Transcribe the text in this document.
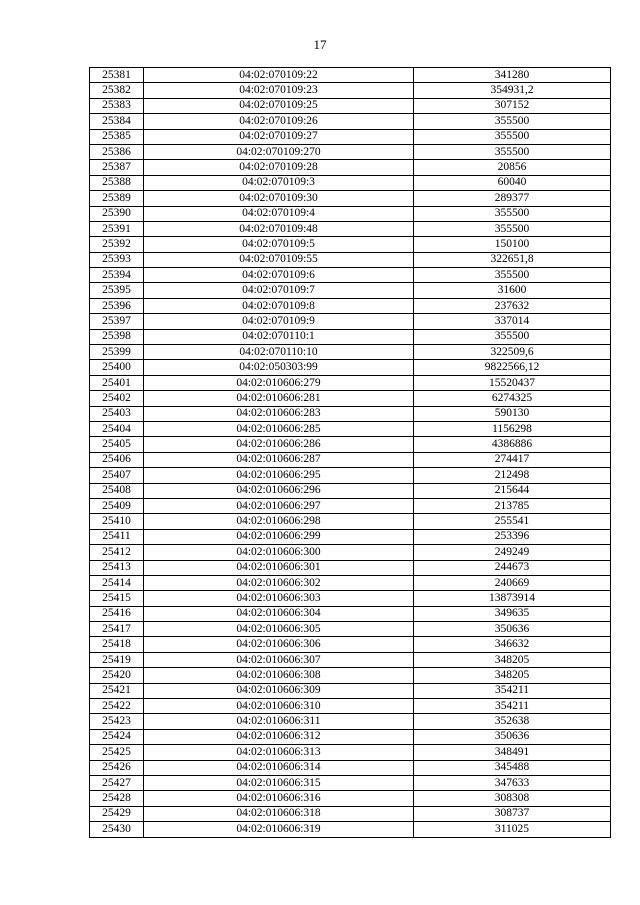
17
25381	04:02:070109:22	341280
25382	04:02:070109:23	354931,2
25383	04:02:070109:25	307152
25384	04:02:070109:26	355500
25385	04:02:070109:27	355500
25386	04:02:070109:270	355500
25387	04:02:070109:28	20856
25388	04:02:070109:3	60040
25389	04:02:070109:30	289377
25390	04:02:070109:4	355500
25391	04:02:070109:48	355500
25392	04:02:070109:5	150100
25393	04:02:070109:55	322651,8
25394	04:02:070109:6	355500
25395	04:02:070109:7	31600
25396	04:02:070109:8	237632
25397	04:02:070109:9	337014
25398	04:02:070110:1	355500
25399	04:02:070110:10	322509,6
25400	04:02:050303:99	9822566,12
25401	04:02:010606:279	15520437
25402	04:02:010606:281	6274325
25403	04:02:010606:283	590130
25404	04:02:010606:285	1156298
25405	04:02:010606:286	4386886
25406	04:02:010606:287	274417
25407	04:02:010606:295	212498
25408	04:02:010606:296	215644
25409	04:02:010606:297	213785
25410	04:02:010606:298	255541
25411	04:02:010606:299	253396
25412	04:02:010606:300	249249
25413	04:02:010606:301	244673
25414	04:02:010606:302	240669
25415	04:02:010606:303	13873914
25416	04:02:010606:304	349635
25417	04:02:010606:305	350636
25418	04:02:010606:306	346632
25419	04:02:010606:307	348205
25420	04:02:010606:308	348205
25421	04:02:010606:309	354211
25422	04:02:010606:310	354211
25423	04:02:010606:311	352638
25424	04:02:010606:312	350636
25425	04:02:010606:313	348491
25426	04:02:010606:314	345488
25427	04:02:010606:315	347633
25428	04:02:010606:316	308308
25429	04:02:010606:318	308737
25430	04:02:010606:319	311025
